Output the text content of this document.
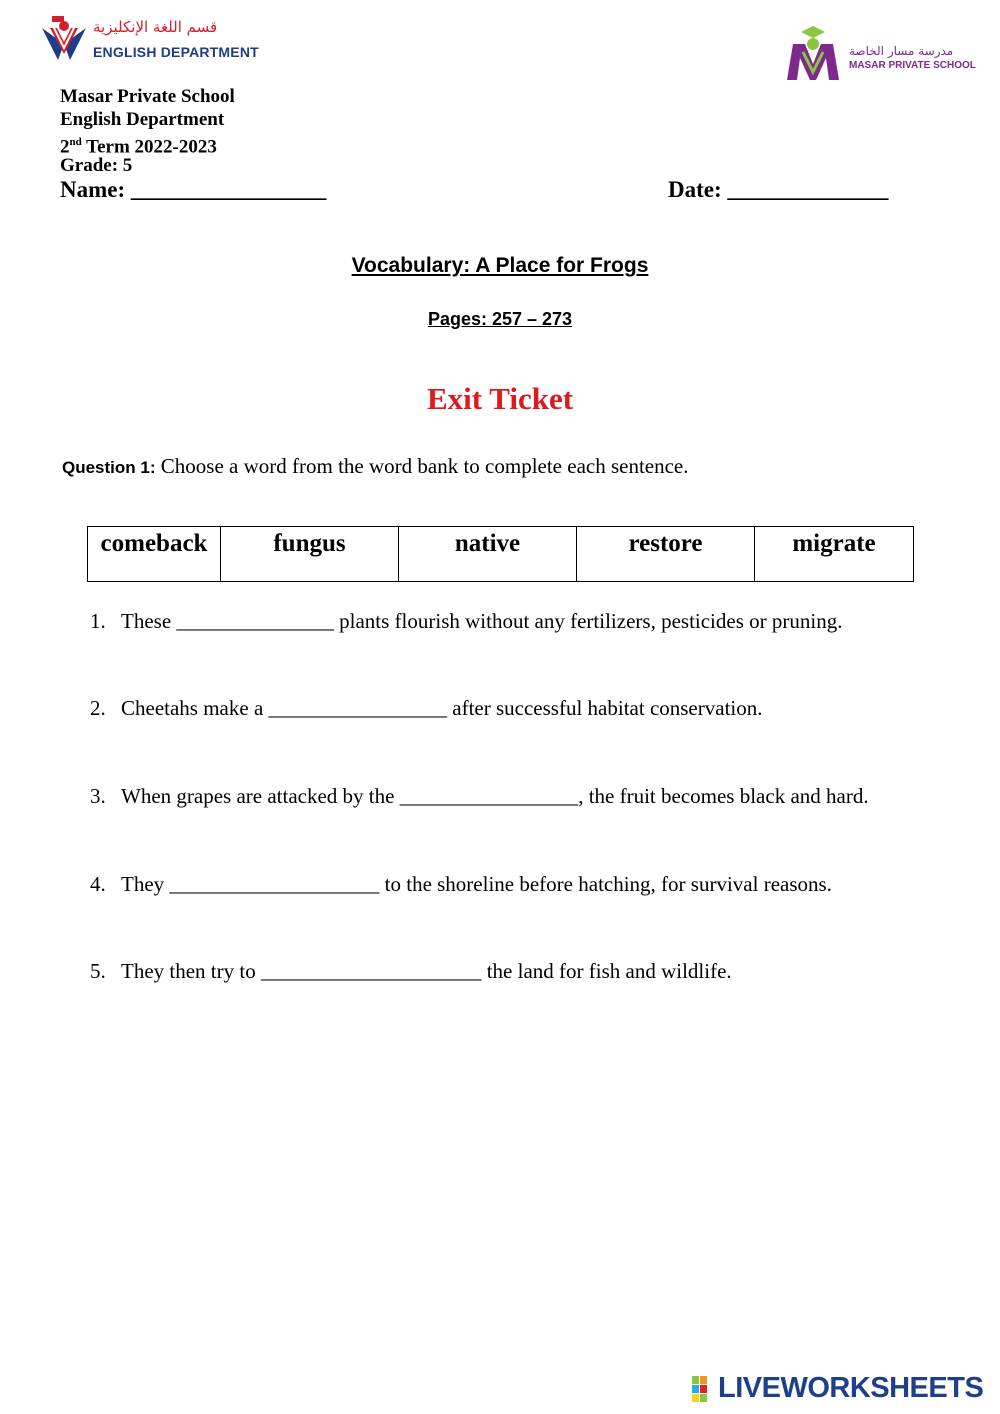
قسم اللغة الإنكليزية
ENGLISH DEPARTMENT	مدرسة مسار الخاصة
MASAR PRIVATE SCHOOL
Masar Private School
English Department
2nd Term 2022-2023
Grade: 5
Name: _________________	Date: ______________
Vocabulary: A Place for Frogs
Pages: 257 – 273
Exit Ticket
Question 1: Choose a word from the word bank to complete each sentence.
comeback	fungus	native	restore	migrate
1. These _______________ plants flourish without any fertilizers, pesticides or pruning.
2. Cheetahs make a _________________ after successful habitat conservation.
3. When grapes are attacked by the _________________, the fruit becomes black and hard.
4. They ____________________ to the shoreline before hatching, for survival reasons.
5. They then try to _____________________ the land for fish and wildlife.
LIVEWORKSHEETS
